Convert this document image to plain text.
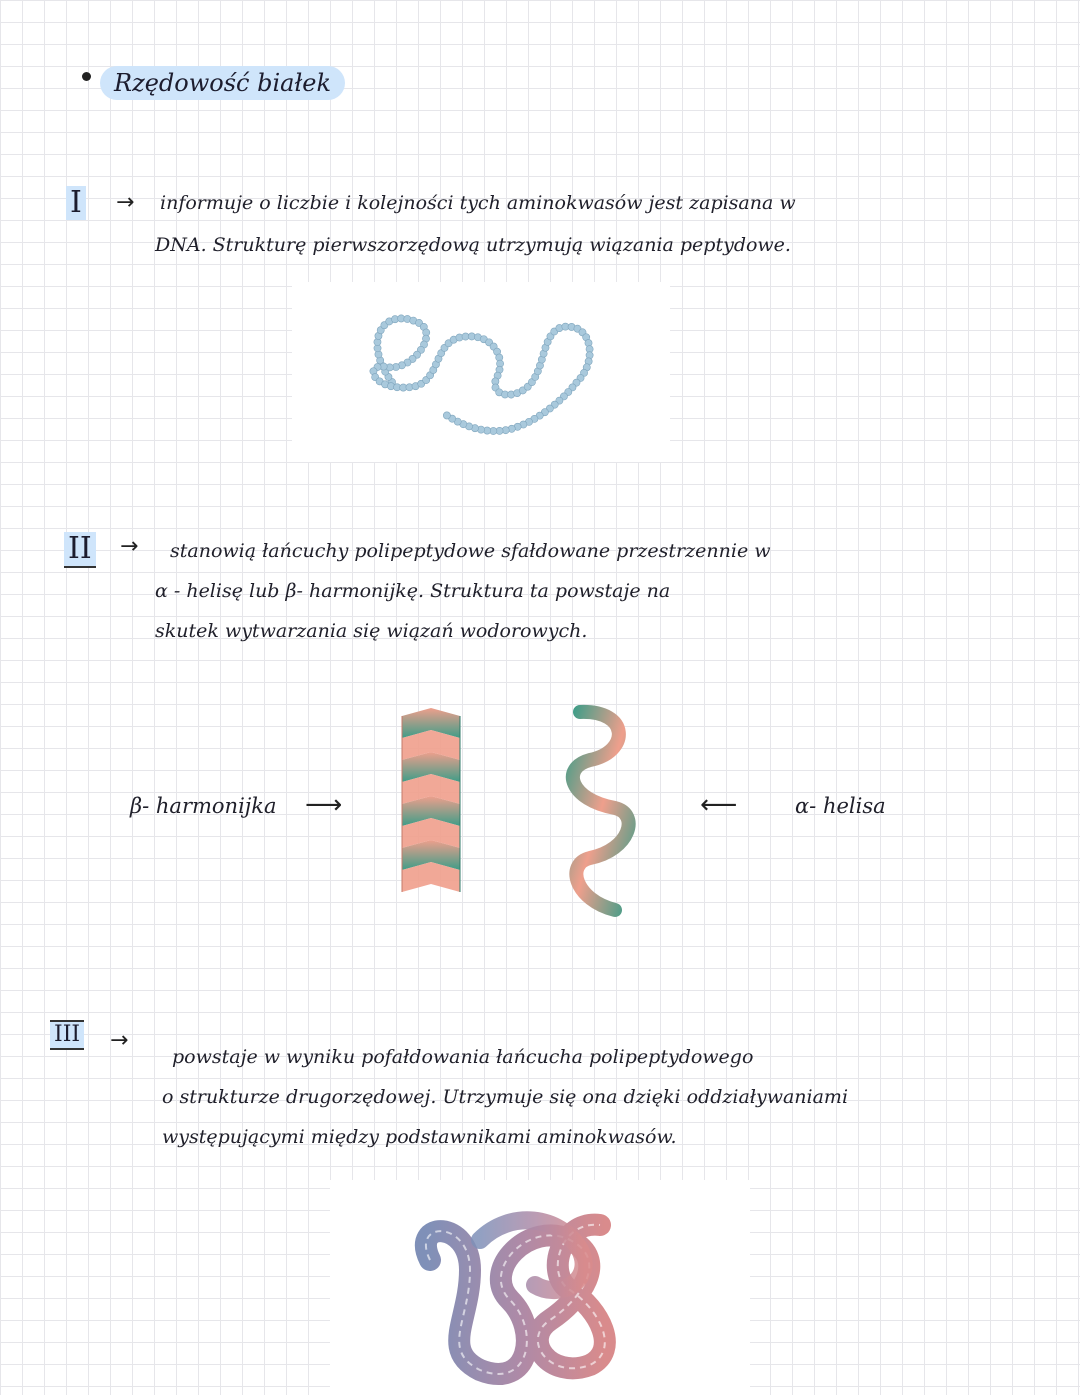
Rzędowość białek
I → informuje o liczbie i kolejności tych aminokwasów jest zapisana w
DNA. Strukturę pierwszorzędową utrzymują wiązania peptydowe.
II → stanowią łańcuchy polipeptydowe sfałdowane przestrzennie w
α - helisę lub β- harmonijkę. Struktura ta powstaje na
skutek wytwarzania się wiązań wodorowych.
β- harmonijka ⟶	⟵ α- helisa
III →
powstaje w wyniku pofałdowania łańcucha polipeptydowego
o strukturze drugorzędowej. Utrzymuje się ona dzięki oddziaływaniami
występującymi między podstawnikami aminokwasów.
